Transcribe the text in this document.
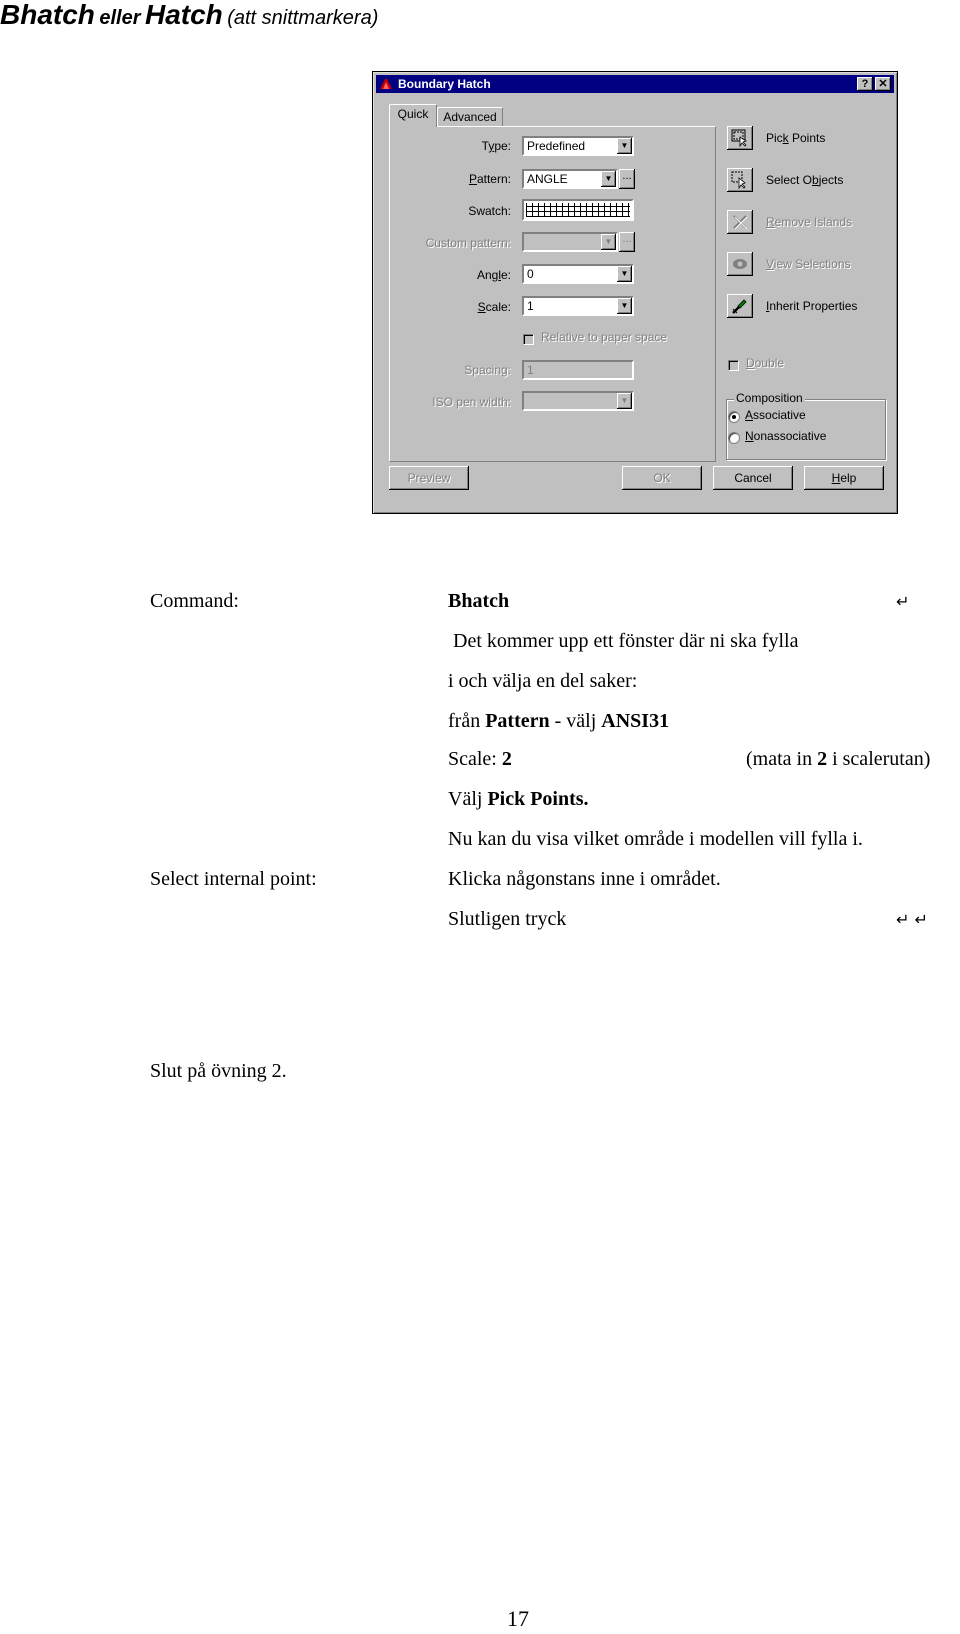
Bhatch eller Hatch (att snittmarkera)
Boundary Hatch	? ✕
Quick	Advanced
Type: Predefined	▼
Pattern: ANGLE	▼ ...
Swatch:
Custom pattern:	▼ ...
Angle: 0	▼
Scale: 1	▼
Relative to paper space
Spacing: 1
ISO pen width:	▼
Pick Points
Select Objects
Remove Islands
View Selections
Inherit Properties
Double
Composition
Associative
Nonassociative
Preview	OK	Cancel	Help
Command:	Bhatch	↵
Det kommer upp ett fönster där ni ska fylla
i och välja en del saker:
från Pattern - välj ANSI31
Scale: 2	(mata in 2 i scalerutan)
Välj Pick Points.
Nu kan du visa vilket område i modellen vill fylla i.
Select internal point:	Klicka någonstans inne i området.
Slutligen tryck	↵ ↵
Slut på övning 2.
17
